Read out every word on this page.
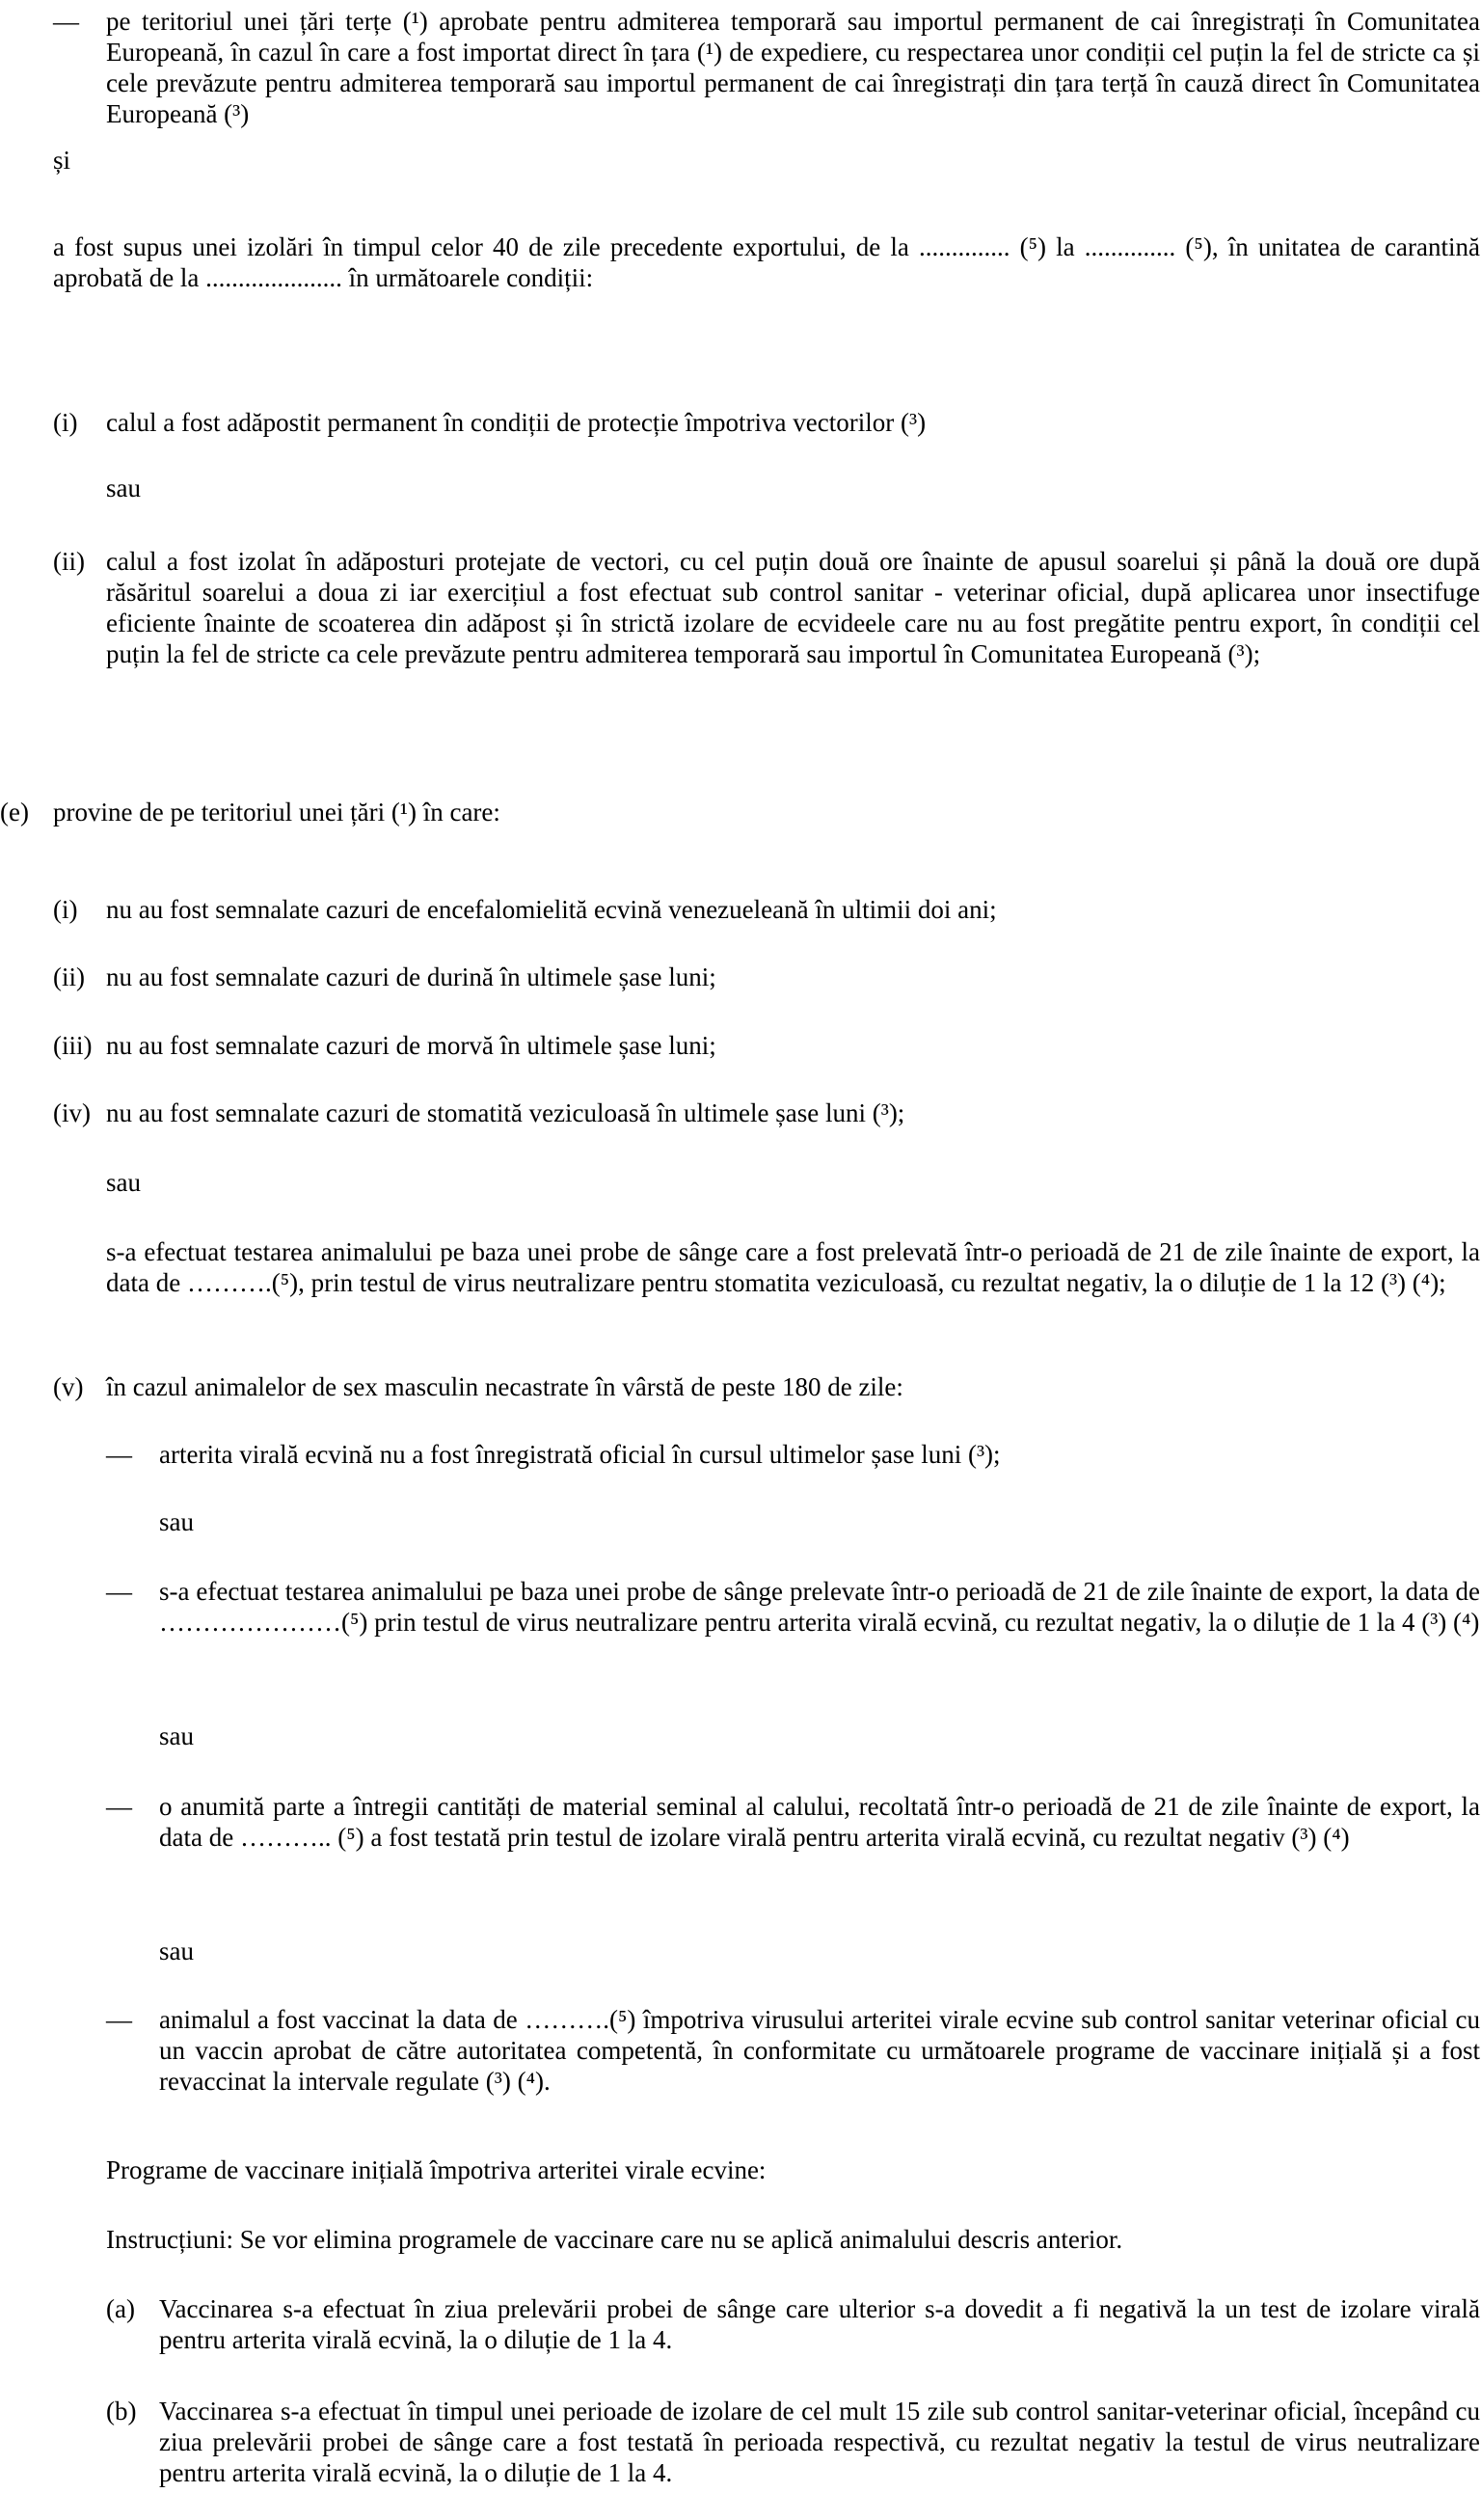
—	pe teritoriul unei țări terțe (¹) aprobate pentru admiterea temporară sau importul permanent de cai înregistrați în Comunitatea Europeană, în cazul în care a fost importat direct în țara (¹) de expediere, cu respectarea unor condiții cel puțin la fel de stricte ca și cele prevăzute pentru admiterea temporară sau importul permanent de cai înregistrați din țara terță în cauză direct în Comunitatea Europeană (³)
și
a fost supus unei izolări în timpul celor 40 de zile precedente exportului, de la .............. (⁵) la .............. (⁵), în unitatea de carantină aprobată de la ..................... în următoarele condiții:
(i)	calul a fost adăpostit permanent în condiții de protecție împotriva vectorilor (³)
sau
(ii) calul a fost izolat în adăposturi protejate de vectori, cu cel puțin două ore înainte de apusul soarelui și până la două ore după răsăritul soarelui a doua zi iar exercițiul a fost efectuat sub control sanitar - veterinar oficial, după aplicarea unor insectifuge eficiente înainte de scoaterea din adăpost și în strictă izolare de ecvideele care nu au fost pregătite pentru export, în condiții cel puțin la fel de stricte ca cele prevăzute pentru admiterea temporară sau importul în Comunitatea Europeană (³);
(e) provine de pe teritoriul unei țări (¹) în care:
(i)	nu au fost semnalate cazuri de encefalomielită ecvină venezueleană în ultimii doi ani;
(ii) nu au fost semnalate cazuri de durină în ultimele șase luni;
(iii) nu au fost semnalate cazuri de morvă în ultimele șase luni;
(iv) nu au fost semnalate cazuri de stomatită veziculoasă în ultimele șase luni (³);
sau
s-a efectuat testarea animalului pe baza unei probe de sânge care a fost prelevată într-o perioadă de 21 de zile înainte de export, la data de ……….(⁵), prin testul de virus neutralizare pentru stomatita veziculoasă, cu rezultat negativ, la o diluție de 1 la 12 (³) (⁴);
(v) în cazul animalelor de sex masculin necastrate în vârstă de peste 180 de zile:
—	arterita virală ecvină nu a fost înregistrată oficial în cursul ultimelor șase luni (³);
sau
—	s-a efectuat testarea animalului pe baza unei probe de sânge prelevate într-o perioadă de 21 de zile înainte de export, la data de …………………(⁵) prin testul de virus neutralizare pentru arterita virală ecvină, cu rezultat negativ, la o diluție de 1 la 4 (³) (⁴)
sau
—	o anumită parte a întregii cantități de material seminal al calului, recoltată într-o perioadă de 21 de zile înainte de export, la data de ……….. (⁵) a fost testată prin testul de izolare virală pentru arterita virală ecvină, cu rezultat negativ (³) (⁴)
sau
—	animalul a fost vaccinat la data de ……….(⁵) împotriva virusului arteritei virale ecvine sub control sanitar veterinar oficial cu un vaccin aprobat de către autoritatea competentă, în conformitate cu următoarele programe de vaccinare inițială și a fost revaccinat la intervale regulate (³) (⁴).
Programe de vaccinare inițială împotriva arteritei virale ecvine:
Instrucțiuni: Se vor elimina programele de vaccinare care nu se aplică animalului descris anterior.
(a) Vaccinarea s-a efectuat în ziua prelevării probei de sânge care ulterior s-a dovedit a fi negativă la un test de izolare virală pentru arterita virală ecvină, la o diluție de 1 la 4.
(b) Vaccinarea s-a efectuat în timpul unei perioade de izolare de cel mult 15 zile sub control sanitar-veterinar oficial, începând cu ziua prelevării probei de sânge care a fost testată în perioada respectivă, cu rezultat negativ la testul de virus neutralizare pentru arterita virală ecvină, la o diluție de 1 la 4.
